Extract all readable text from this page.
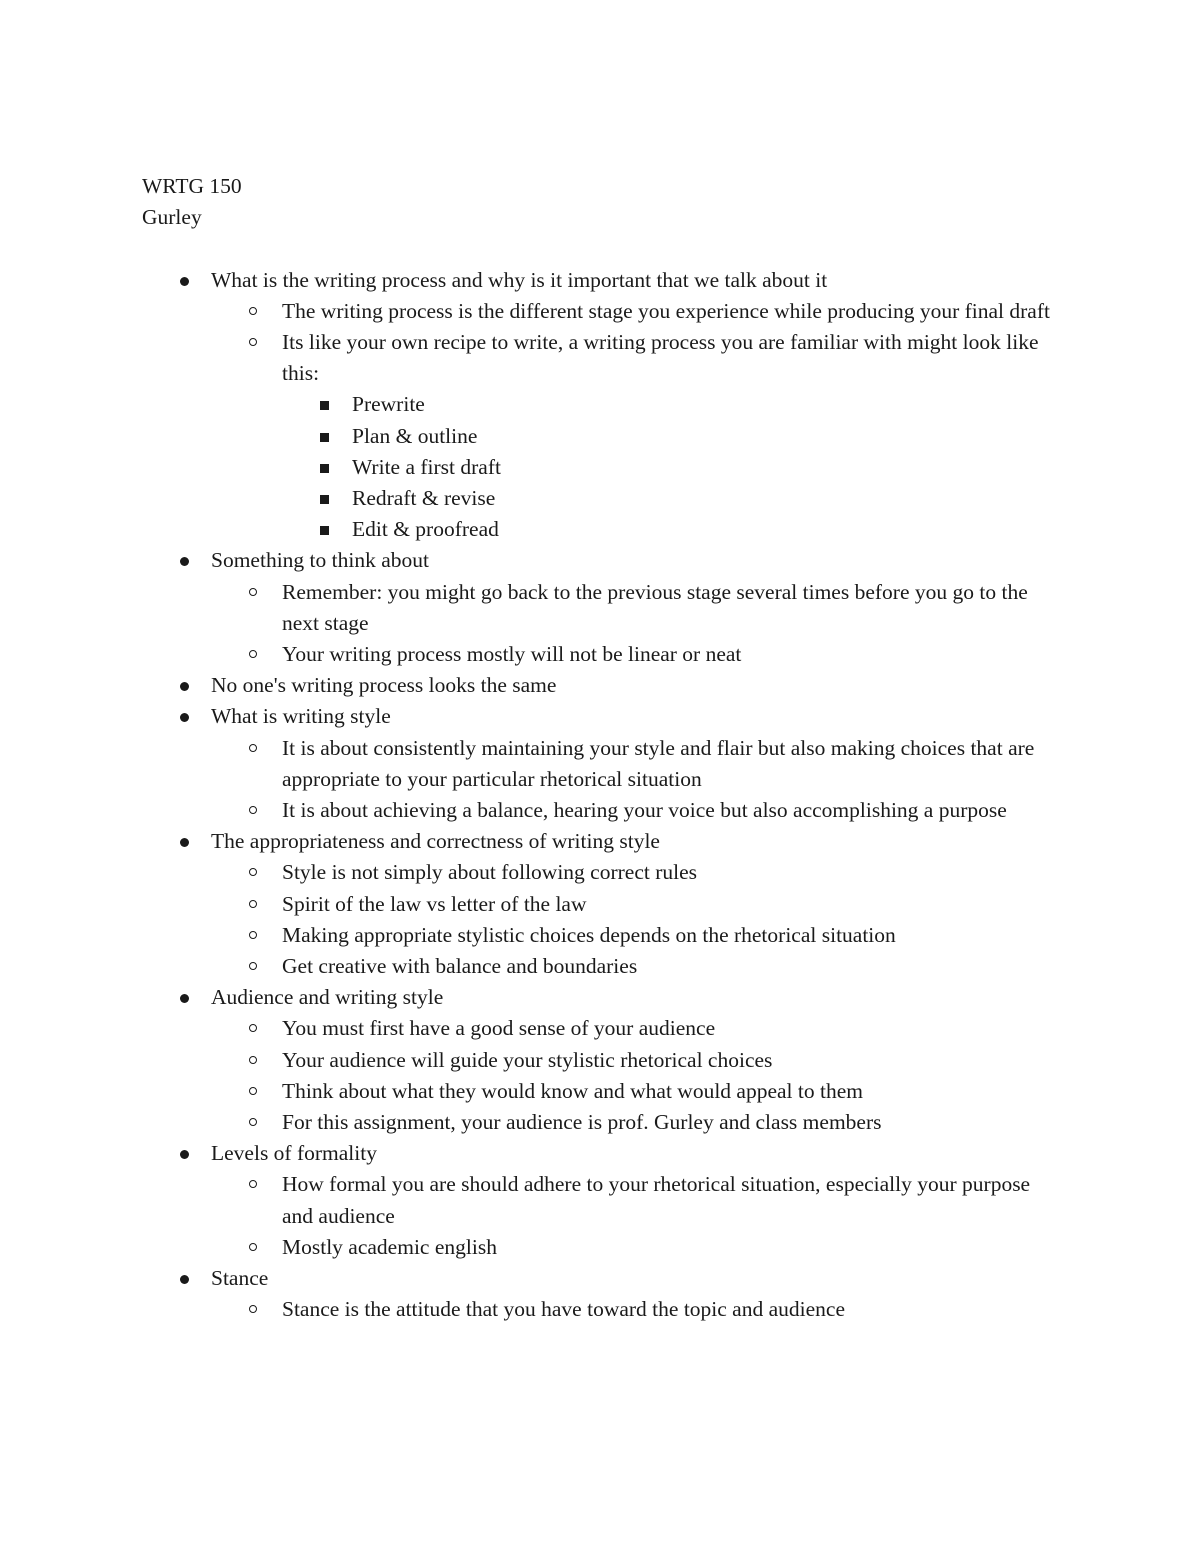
WRTG 150
Gurley
What is the writing process and why is it important that we talk about it
The writing process is the different stage you experience while producing your final draft
Its like your own recipe to write, a writing process you are familiar with might look like this:
Prewrite
Plan & outline
Write a first draft
Redraft & revise
Edit & proofread
Something to think about
Remember: you might go back to the previous stage several times before you go to the next stage
Your writing process mostly will not be linear or neat
No one's writing process looks the same
What is writing style
It is about consistently maintaining your style and flair but also making choices that are appropriate to your particular rhetorical situation
It is about achieving a balance, hearing your voice but also accomplishing a purpose
The appropriateness and correctness of writing style
Style is not simply about following correct rules
Spirit of the law vs letter of the law
Making appropriate stylistic choices depends on the rhetorical situation
Get creative with balance and boundaries
Audience and writing style
You must first have a good sense of your audience
Your audience will guide your stylistic rhetorical choices
Think about what they would know and what would appeal to them
For this assignment, your audience is prof. Gurley and class members
Levels of formality
How formal you are should adhere to your rhetorical situation, especially your purpose and audience
Mostly academic english
Stance
Stance is the attitude that you have toward the topic and audience
